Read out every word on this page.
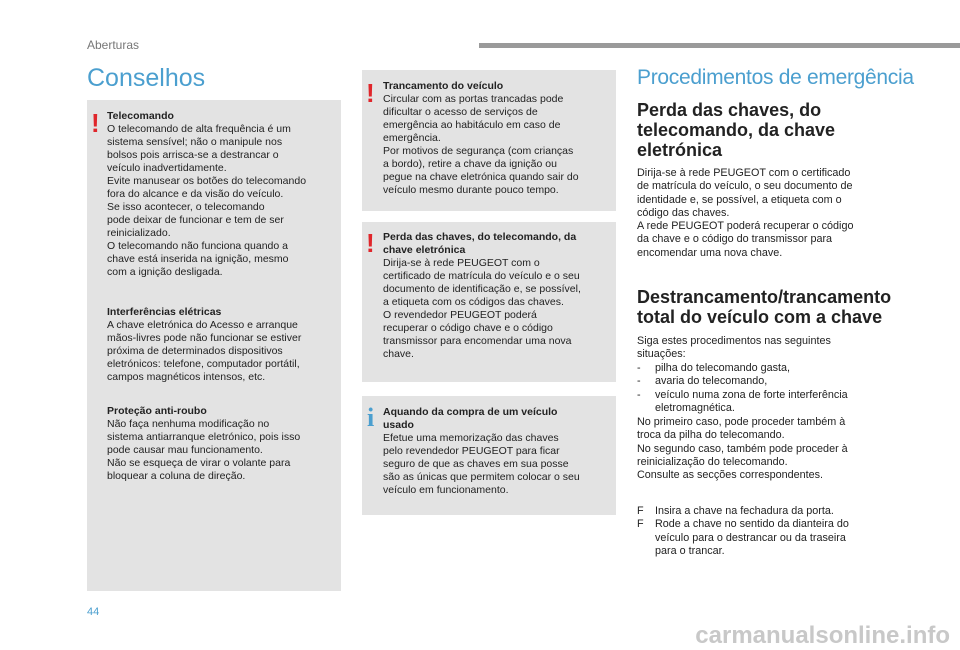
Aberturas
Conselhos
! Telecomando
O telecomando de alta frequência é um
sistema sensível; não o manipule nos
bolsos pois arrisca-se a destrancar o
veículo inadvertidamente.
Evite manusear os botões do telecomando
fora do alcance e da visão do veículo.
Se isso acontecer, o telecomando
pode deixar de funcionar e tem de ser
reinicializado.
O telecomando não funciona quando a
chave está inserida na ignição, mesmo
com a ignição desligada.
Interferências elétricas
A chave eletrónica do Acesso e arranque
mãos-livres pode não funcionar se estiver
próxima de determinados dispositivos
eletrónicos: telefone, computador portátil,
campos magnéticos intensos, etc.
Proteção anti-roubo
Não faça nenhuma modificação no
sistema antiarranque eletrónico, pois isso
pode causar mau funcionamento.
Não se esqueça de virar o volante para
bloquear a coluna de direção.
! Trancamento do veículo
Circular com as portas trancadas pode
dificultar o acesso de serviços de
emergência ao habitáculo em caso de
emergência.
Por motivos de segurança (com crianças
a bordo), retire a chave da ignição ou
pegue na chave eletrónica quando sair do
veículo mesmo durante pouco tempo.
! Perda das chaves, do telecomando, da
chave eletrónica
Dirija-se à rede PEUGEOT com o
certificado de matrícula do veículo e o seu
documento de identificação e, se possível,
a etiqueta com os códigos das chaves.
O revendedor PEUGEOT poderá
recuperar o código chave e o código
transmissor para encomendar uma nova
chave.
i Aquando da compra de um veículo
usado
Efetue uma memorização das chaves
pelo revendedor PEUGEOT para ficar
seguro de que as chaves em sua posse
são as únicas que permitem colocar o seu
veículo em funcionamento.
Procedimentos de emergência
Perda das chaves, do
telecomando, da chave
eletrónica
Dirija-se à rede PEUGEOT com o certificado
de matrícula do veículo, o seu documento de
identidade e, se possível, a etiqueta com o
código das chaves.
A rede PEUGEOT poderá recuperar o código
da chave e o código do transmissor para
encomendar uma nova chave.
Destrancamento/trancamento
total do veículo com a chave
Siga estes procedimentos nas seguintes
situações:
- pilha do telecomando gasta,
- avaria do telecomando,
- veículo numa zona de forte interferência
eletromagnética.
No primeiro caso, pode proceder também à
troca da pilha do telecomando.
No segundo caso, também pode proceder à
reinicialização do telecomando.
Consulte as secções correspondentes.
F Insira a chave na fechadura da porta.
F Rode a chave no sentido da dianteira do
veículo para o destrancar ou da traseira
para o trancar.
44
carmanualsonline.info
